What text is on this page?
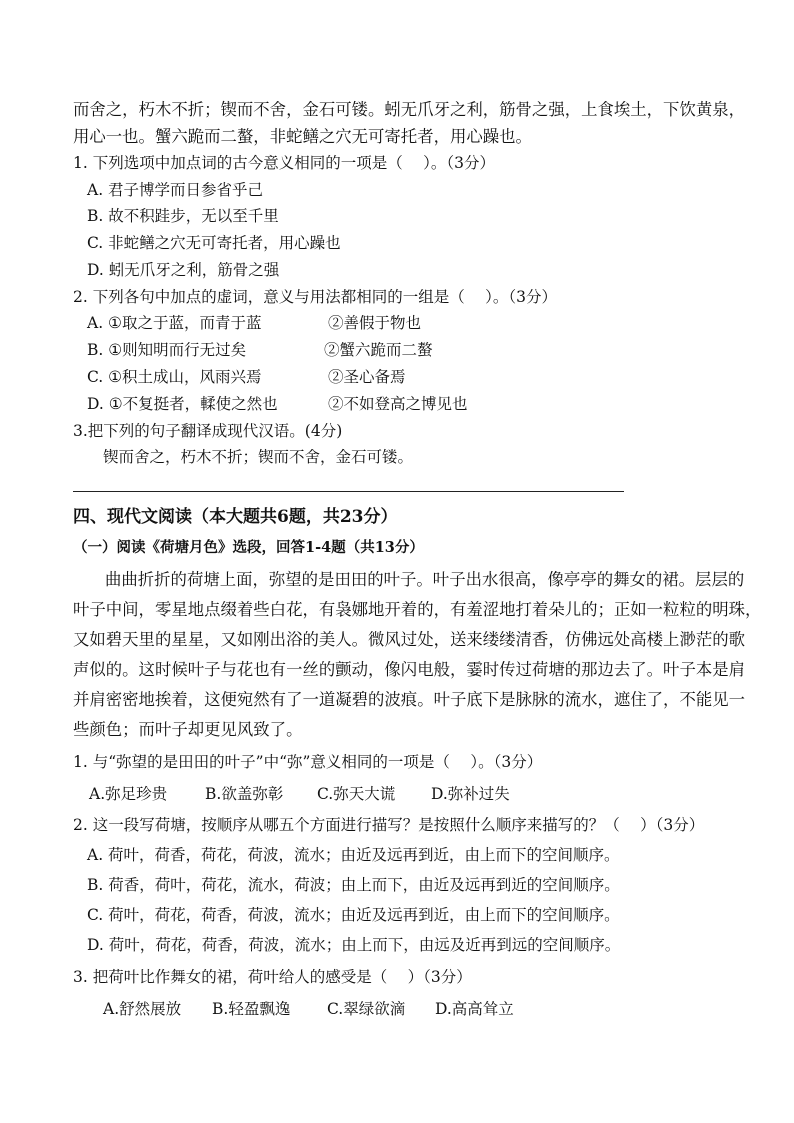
而舍之，朽木不折；锲而不舍，金石可镂。蚓无爪牙之利，筋骨之强，上食埃土，下饮黄泉，
用心一也。蟹六跪而二螯，非蛇鳝之穴无可寄托者，用心躁也。
1. 下列选项中加点词的古今意义相同的一项是（　 ）。（3分）
A. 君子博学而日参省乎己
B. 故不积跬步，无以至千里
C. 非蛇鳝之穴无可寄托者，用心躁也
D. 蚓无爪牙之利，筋骨之强
2. 下列各句中加点的虚词，意义与用法都相同的一组是（　 ）。（3分）
A. ①取之于蓝，而青于蓝	②善假于物也
B. ①则知明而行无过矣	②蟹六跪而二螯
C. ①积土成山，风雨兴焉	②圣心备焉
D. ①不复挺者，輮使之然也	②不如登高之博见也
3.把下列的句子翻译成现代汉语。(4分)
锲而舍之，朽木不折；锲而不舍，金石可镂。
四、现代文阅读（本大题共6题，共23分）
（一）阅读《荷塘月色》选段，回答1-4题（共13分）
曲曲折折的荷塘上面，弥望的是田田的叶子。叶子出水很高，像亭亭的舞女的裙。层层的
叶子中间，零星地点缀着些白花，有袅娜地开着的，有羞涩地打着朵儿的；正如一粒粒的明珠，
又如碧天里的星星，又如刚出浴的美人。微风过处，送来缕缕清香，仿佛远处高楼上渺茫的歌
声似的。这时候叶子与花也有一丝的颤动，像闪电般，霎时传过荷塘的那边去了。叶子本是肩
并肩密密地挨着，这便宛然有了一道凝碧的波痕。叶子底下是脉脉的流水，遮住了，不能见一
些颜色；而叶子却更见风致了。
1. 与“弥望的是田田的叶子”中“弥”意义相同的一项是（　 ）。（3分）
A.弥足珍贵 B.欲盖弥彰 C.弥天大谎 D.弥补过失
2. 这一段写荷塘，按顺序从哪五个方面进行描写？是按照什么顺序来描写的？（　 ）（3分）
A. 荷叶，荷香，荷花，荷波，流水；由近及远再到近，由上而下的空间顺序。
B. 荷香，荷叶，荷花，流水，荷波；由上而下，由近及远再到近的空间顺序。
C. 荷叶，荷花，荷香，荷波，流水；由近及远再到近，由上而下的空间顺序。
D. 荷叶，荷花，荷香，荷波，流水；由上而下，由远及近再到远的空间顺序。
3. 把荷叶比作舞女的裙，荷叶给人的感受是（　 ）（3分）
A.舒然展放 B.轻盈飘逸 C.翠绿欲滴 D.高高耸立
